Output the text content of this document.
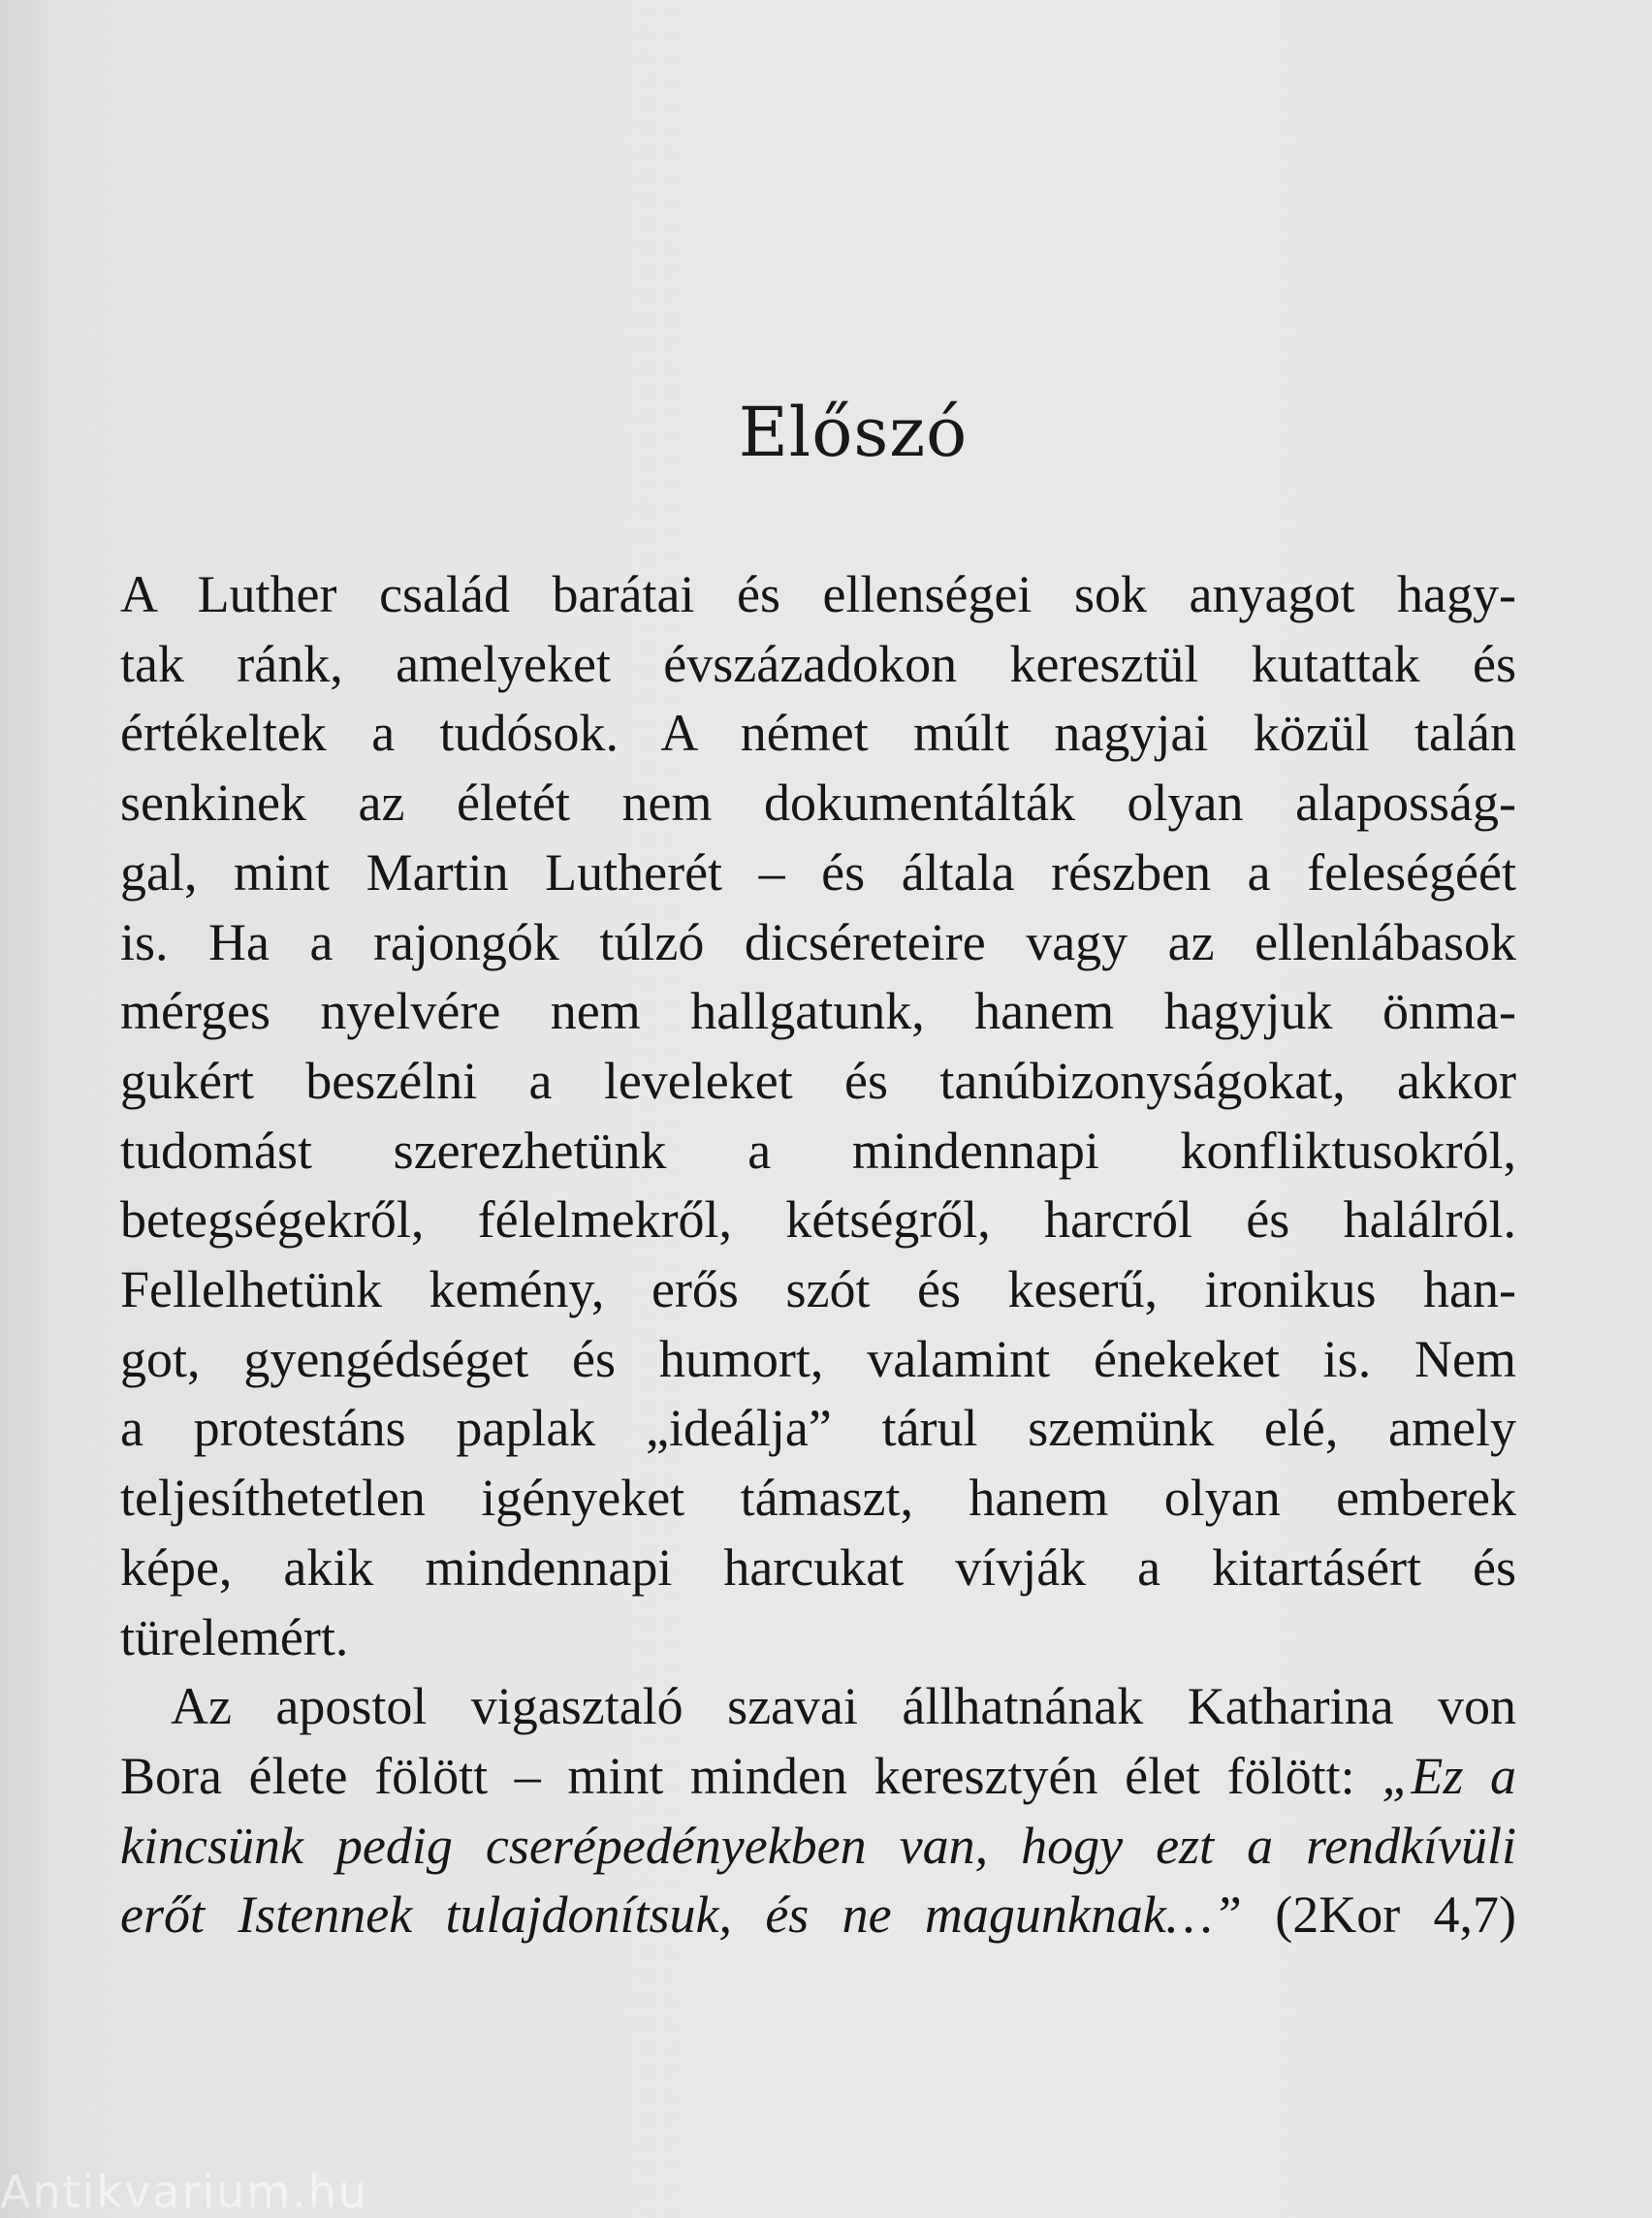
Előszó

A Luther család barátai és ellenségei sok anyagot hagy-
tak ránk, amelyeket évszázadokon keresztül kutattak és
értékeltek a tudósok. A német múlt nagyjai közül talán
senkinek az életét nem dokumentálták olyan alaposság-
gal, mint Martin Lutherét – és általa részben a feleségéét
is. Ha a rajongók túlzó dicséreteire vagy az ellenlábasok
mérges nyelvére nem hallgatunk, hanem hagyjuk önma-
gukért beszélni a leveleket és tanúbizonyságokat, akkor
tudomást szerezhetünk a mindennapi konfliktusokról,
betegségekről, félelmekről, kétségről, harcról és halálról.
Fellelhetünk kemény, erős szót és keserű, ironikus han-
got, gyengédséget és humort, valamint énekeket is. Nem
a protestáns paplak „ideálja” tárul szemünk elé, amely
teljesíthetetlen igényeket támaszt, hanem olyan emberek
képe, akik mindennapi harcukat vívják a kitartásért és
türelemért.

Az apostol vigasztaló szavai állhatnának Katharina von
Bora élete fölött – mint minden keresztyén élet fölött: „Ez a
kincsünk pedig cserépedényekben van, hogy ezt a rendkívüli
erőt Istennek tulajdonítsuk, és ne magunknak…” (2Kor 4,7)

Antikvarium.hu
